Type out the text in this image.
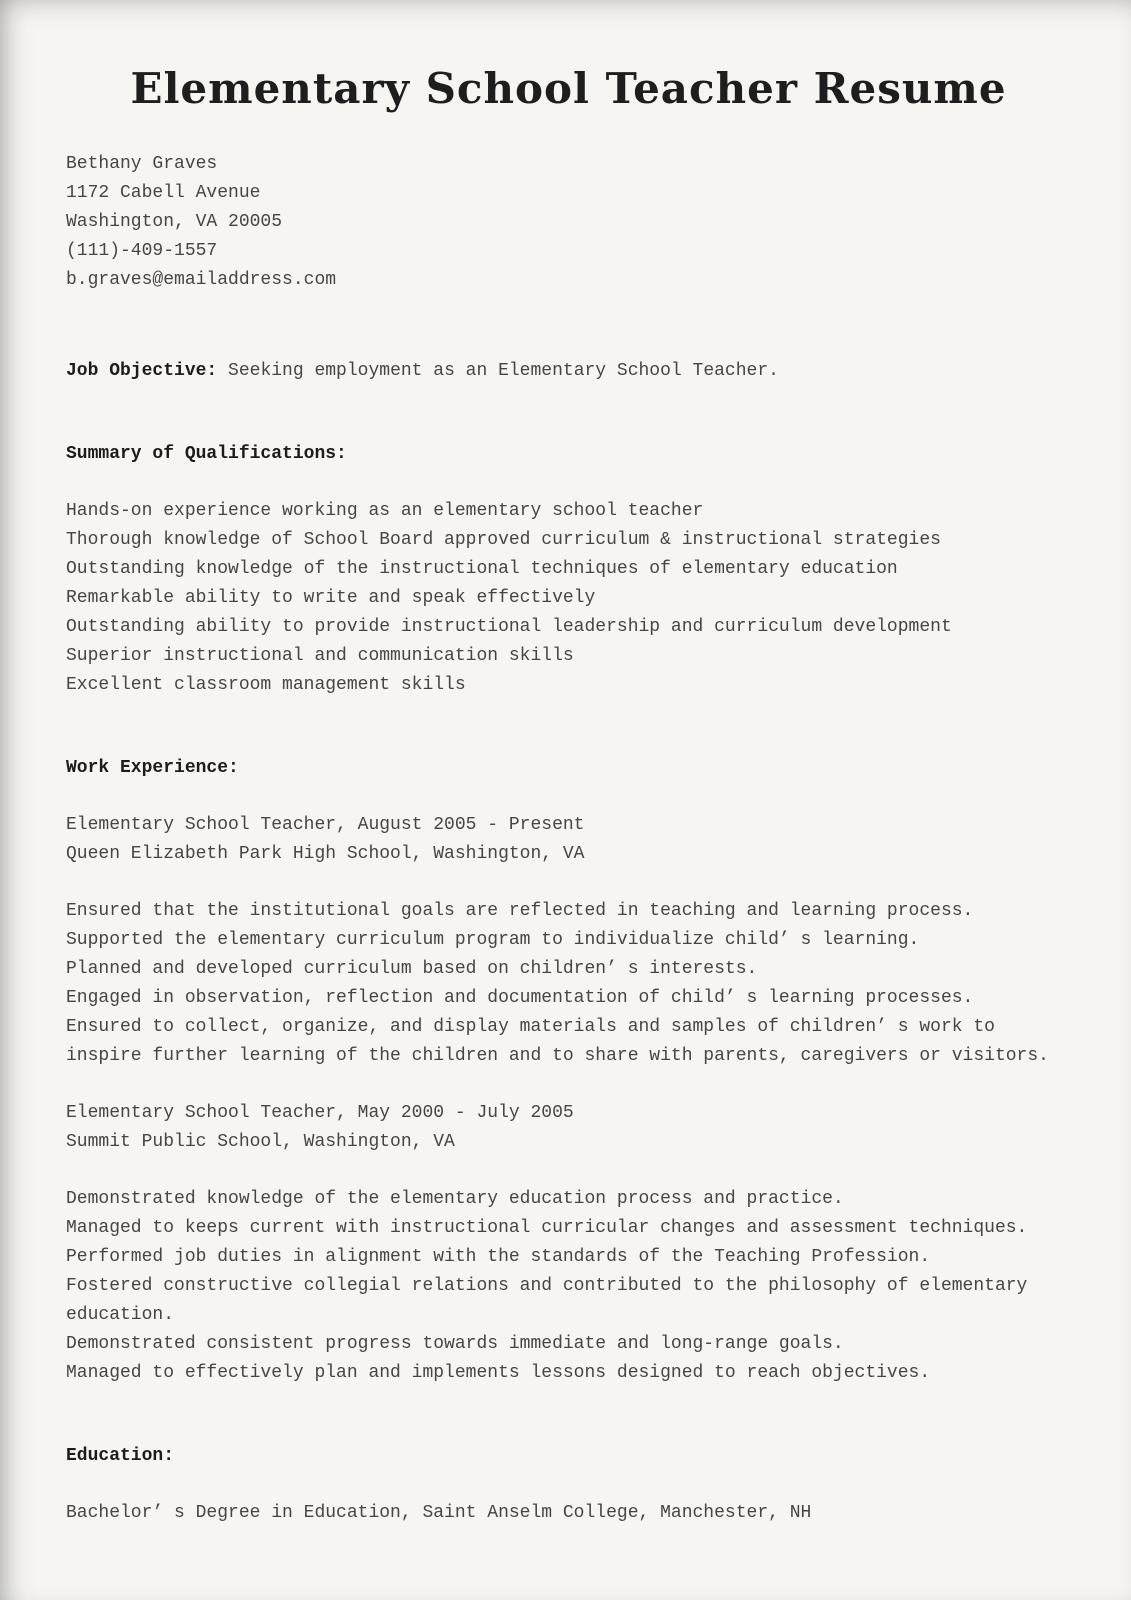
Elementary School Teacher Resume

Bethany Graves

1172 Cabell Avenue

Washington, VA 20005

(111)-409-1557

b.graves@emailaddress.com

Job Objective: Seeking employment as an Elementary School Teacher.

Summary of Qualifications:

Hands-on experience working as an elementary school teacher

Thorough knowledge of School Board approved curriculum & instructional strategies

Outstanding knowledge of the instructional techniques of elementary education

Remarkable ability to write and speak effectively

Outstanding ability to provide instructional leadership and curriculum development

Superior instructional and communication skills

Excellent classroom management skills

Work Experience:

Elementary School Teacher, August 2005 - Present

Queen Elizabeth Park High School, Washington, VA

Ensured that the institutional goals are reflected in teaching and learning process.

Supported the elementary curriculum program to individualize child’ s learning.

Planned and developed curriculum based on children’ s interests.

Engaged in observation, reflection and documentation of child’ s learning processes.

Ensured to collect, organize, and display materials and samples of children’ s work to inspire further learning of the children and to share with parents, caregivers or visitors.

Elementary School Teacher, May 2000 - July 2005

Summit Public School, Washington, VA

Demonstrated knowledge of the elementary education process and practice.

Managed to keeps current with instructional curricular changes and assessment techniques.

Performed job duties in alignment with the standards of the Teaching Profession.

Fostered constructive collegial relations and contributed to the philosophy of elementary education.

Demonstrated consistent progress towards immediate and long-range goals.

Managed to effectively plan and implements lessons designed to reach objectives.

Education:

Bachelor’ s Degree in Education, Saint Anselm College, Manchester, NH
